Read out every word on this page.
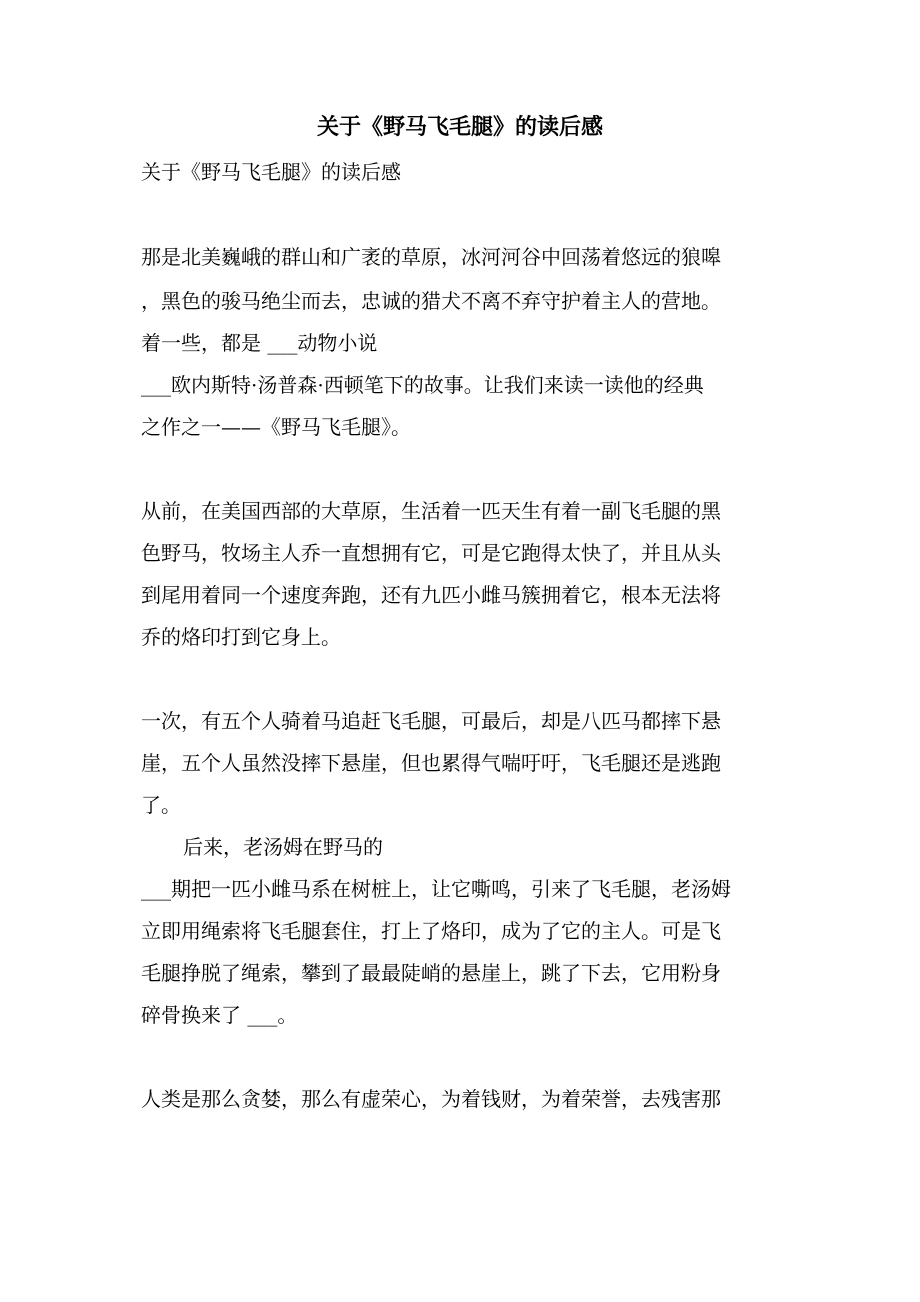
关于《野马飞毛腿》的读后感
关于《野马飞毛腿》的读后感
那是北美巍峨的群山和广袤的草原，冰河河谷中回荡着悠远的狼嗥
，黑色的骏马绝尘而去，忠诚的猎犬不离不弃守护着主人的营地。
着一些，都是 ___动物小说
___欧内斯特·汤普森·西顿笔下的故事。让我们来读一读他的经典
之作之一——《野马飞毛腿》。
从前，在美国西部的大草原，生活着一匹天生有着一副飞毛腿的黑
色野马，牧场主人乔一直想拥有它，可是它跑得太快了，并且从头
到尾用着同一个速度奔跑，还有九匹小雌马簇拥着它，根本无法将
乔的烙印打到它身上。
一次，有五个人骑着马追赶飞毛腿，可最后，却是八匹马都摔下悬
崖，五个人虽然没摔下悬崖，但也累得气喘吁吁，飞毛腿还是逃跑
了。
后来，老汤姆在野马的
___期把一匹小雌马系在树桩上，让它嘶鸣，引来了飞毛腿，老汤姆
立即用绳索将飞毛腿套住，打上了烙印，成为了它的主人。可是飞
毛腿挣脱了绳索，攀到了最最陡峭的悬崖上，跳了下去，它用粉身
碎骨换来了 ___。
人类是那么贪婪，那么有虚荣心，为着钱财，为着荣誉，去残害那
